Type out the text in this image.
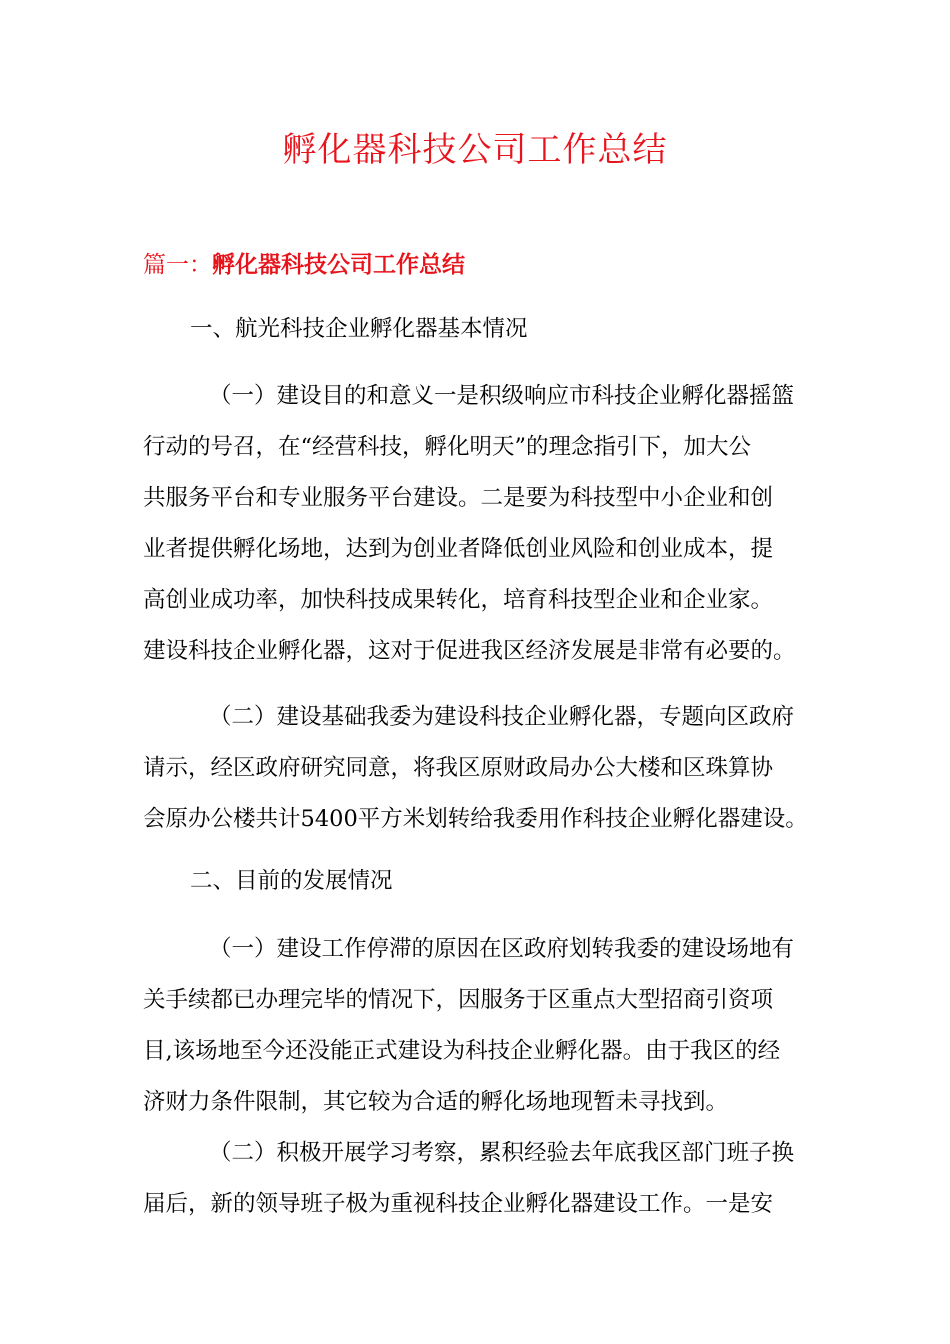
孵化器科技公司工作总结
篇一：孵化器科技公司工作总结
一、航光科技企业孵化器基本情况
（一）建设目的和意义一是积级响应市科技企业孵化器摇篮
行动的号召，在“经营科技，孵化明天”的理念指引下，加大公
共服务平台和专业服务平台建设。二是要为科技型中小企业和创
业者提供孵化场地，达到为创业者降低创业风险和创业成本，提
高创业成功率，加快科技成果转化，培育科技型企业和企业家。
建设科技企业孵化器，这对于促进我区经济发展是非常有必要的。
（二）建设基础我委为建设科技企业孵化器，专题向区政府
请示，经区政府研究同意，将我区原财政局办公大楼和区珠算协
会原办公楼共计5400平方米划转给我委用作科技企业孵化器建设。
二、目前的发展情况
（一）建设工作停滞的原因在区政府划转我委的建设场地有
关手续都已办理完毕的情况下，因服务于区重点大型招商引资项
目,该场地至今还没能正式建设为科技企业孵化器。由于我区的经
济财力条件限制，其它较为合适的孵化场地现暂未寻找到。
（二）积极开展学习考察，累积经验去年底我区部门班子换
届后，新的领导班子极为重视科技企业孵化器建设工作。一是安
